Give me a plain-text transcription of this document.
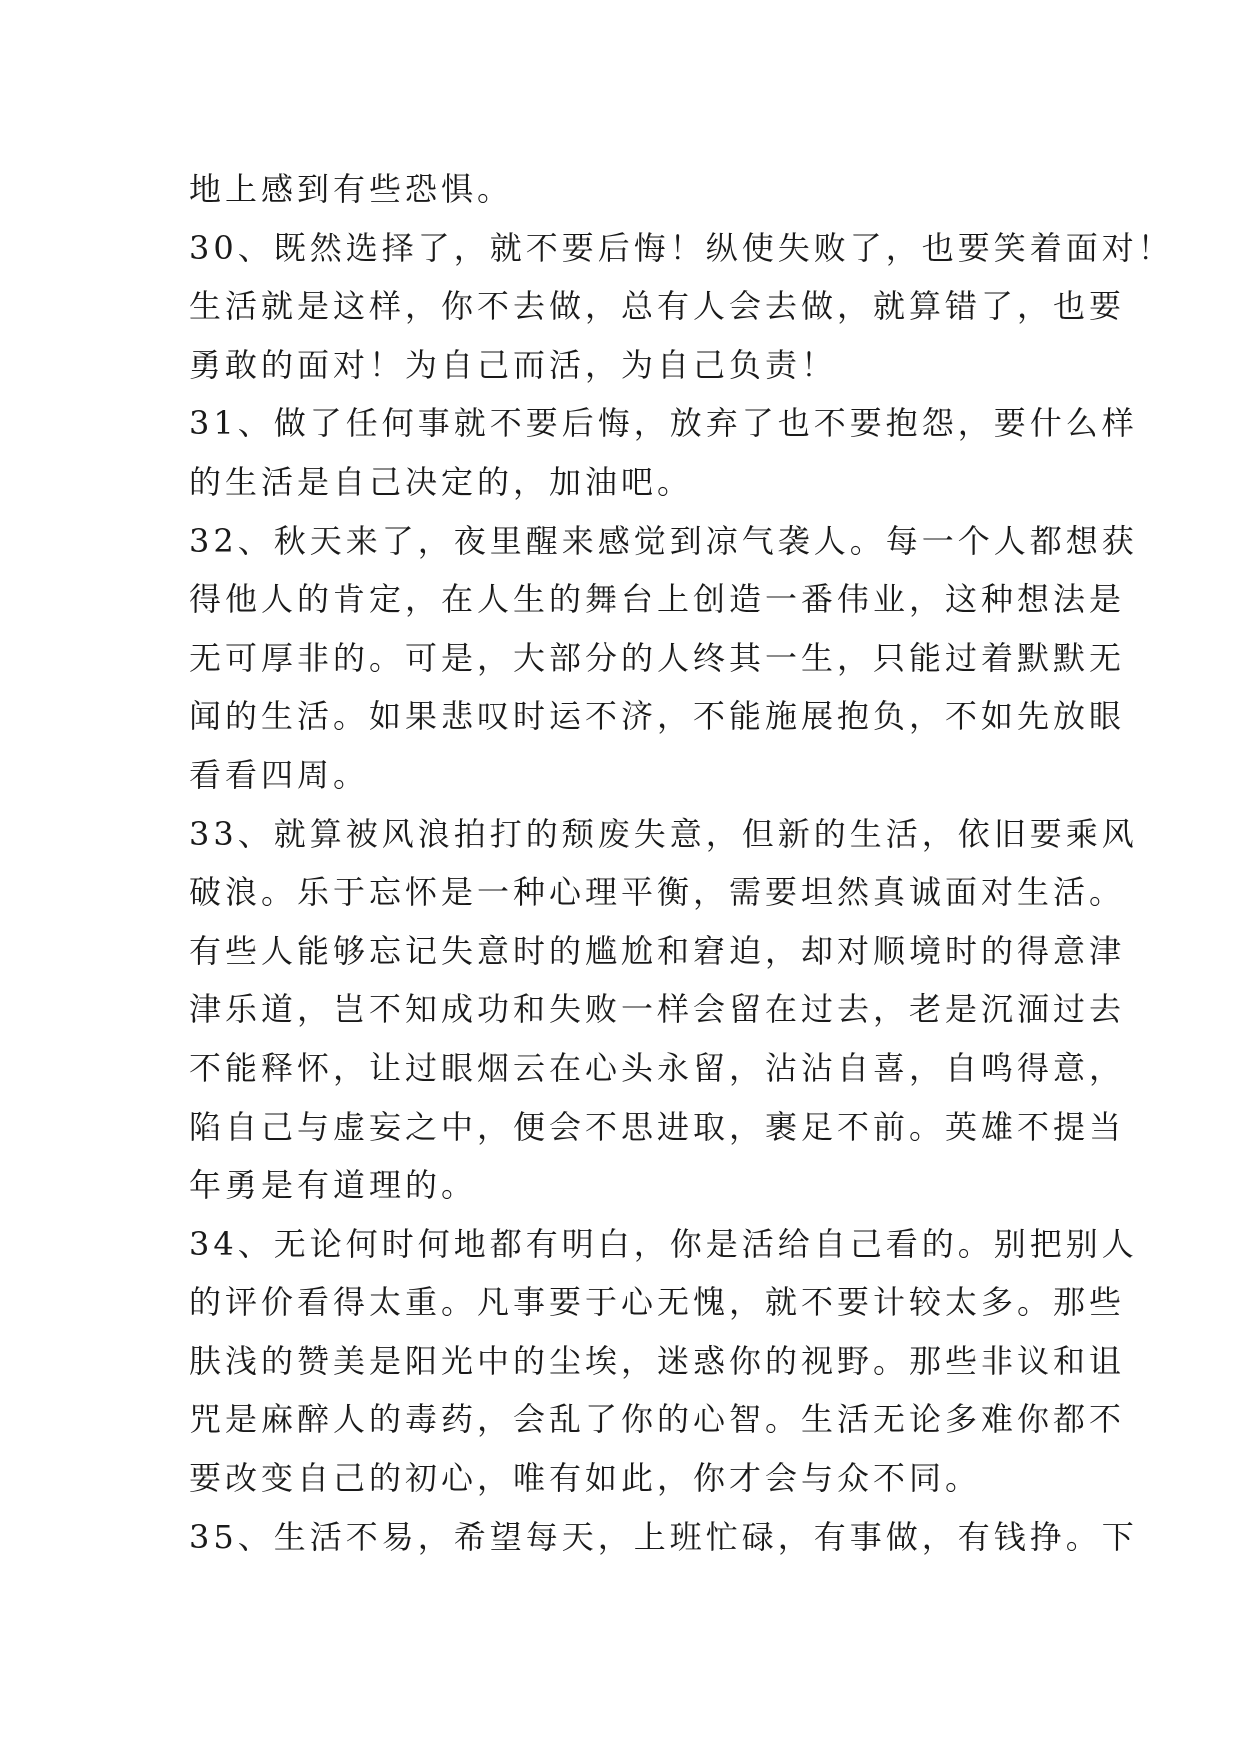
地上感到有些恐惧。
30、既然选择了，就不要后悔！纵使失败了，也要笑着面对！
生活就是这样，你不去做，总有人会去做，就算错了，也要
勇敢的面对！为自己而活，为自己负责！
31、做了任何事就不要后悔，放弃了也不要抱怨，要什么样
的生活是自己决定的，加油吧。
32、秋天来了，夜里醒来感觉到凉气袭人。每一个人都想获
得他人的肯定，在人生的舞台上创造一番伟业，这种想法是
无可厚非的。可是，大部分的人终其一生，只能过着默默无
闻的生活。如果悲叹时运不济，不能施展抱负，不如先放眼
看看四周。
33、就算被风浪拍打的颓废失意，但新的生活，依旧要乘风
破浪。乐于忘怀是一种心理平衡，需要坦然真诚面对生活。
有些人能够忘记失意时的尴尬和窘迫，却对顺境时的得意津
津乐道，岂不知成功和失败一样会留在过去，老是沉湎过去
不能释怀，让过眼烟云在心头永留，沾沾自喜，自鸣得意，
陷自己与虚妄之中，便会不思进取，裹足不前。英雄不提当
年勇是有道理的。
34、无论何时何地都有明白，你是活给自己看的。别把别人
的评价看得太重。凡事要于心无愧，就不要计较太多。那些
肤浅的赞美是阳光中的尘埃，迷惑你的视野。那些非议和诅
咒是麻醉人的毒药，会乱了你的心智。生活无论多难你都不
要改变自己的初心，唯有如此，你才会与众不同。
35、生活不易，希望每天，上班忙碌，有事做，有钱挣。下
